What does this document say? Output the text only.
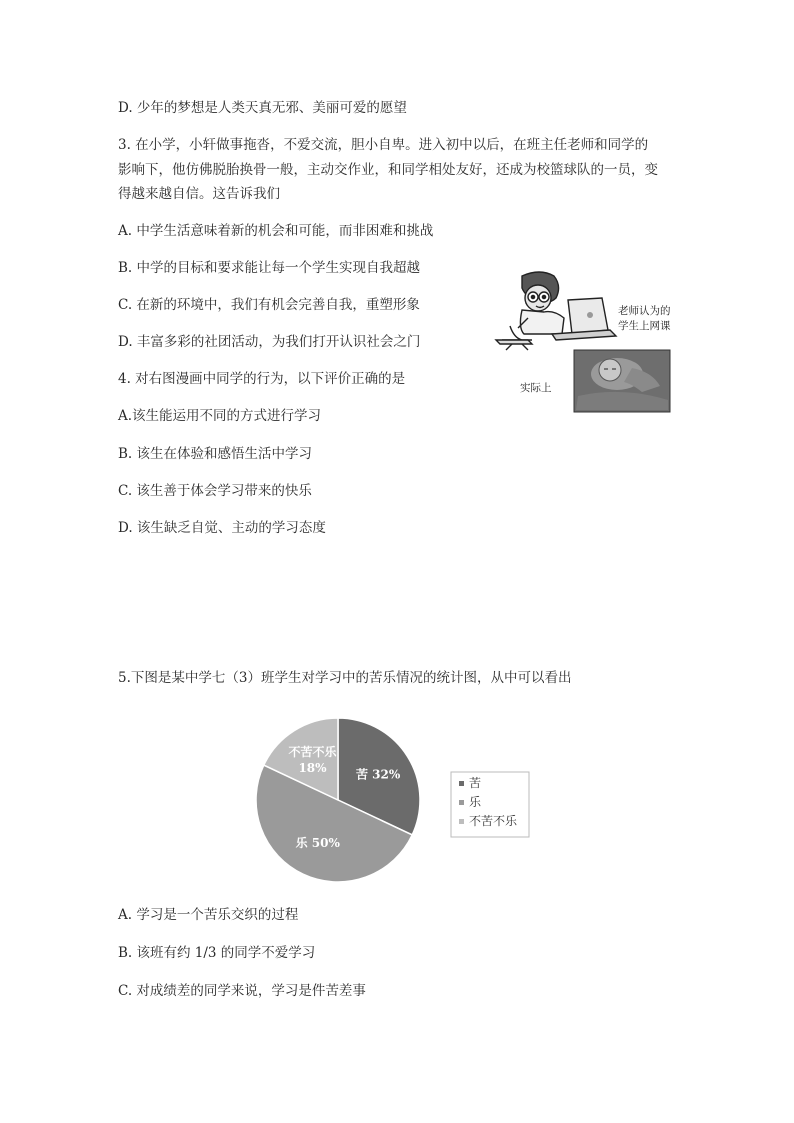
D. 少年的梦想是人类天真无邪、美丽可爱的愿望
3. 在小学，小轩做事拖沓，不爱交流，胆小自卑。进入初中以后，在班主任老师和同学的
影响下，他仿佛脱胎换骨一般，主动交作业，和同学相处友好，还成为校篮球队的一员，变
得越来越自信。这告诉我们
A. 中学生活意味着新的机会和可能，而非困难和挑战
B. 中学的目标和要求能让每一个学生实现自我超越
C. 在新的环境中，我们有机会完善自我，重塑形象
D. 丰富多彩的社团活动，为我们打开认识社会之门
4. 对右图漫画中同学的行为，以下评价正确的是
A.该生能运用不同的方式进行学习
B. 该生在体验和感悟生活中学习
C. 该生善于体会学习带来的快乐
D. 该生缺乏自觉、主动的学习态度
老师认为的
学生上网课
实际上
5.下图是某中学七（3）班学生对学习中的苦乐情况的统计图，从中可以看出
苦 32%
乐 50%
不苦不乐 18%
苦
乐
不苦不乐
A. 学习是一个苦乐交织的过程
B. 该班有约 1/3 的同学不爱学习
C. 对成绩差的同学来说，学习是件苦差事
